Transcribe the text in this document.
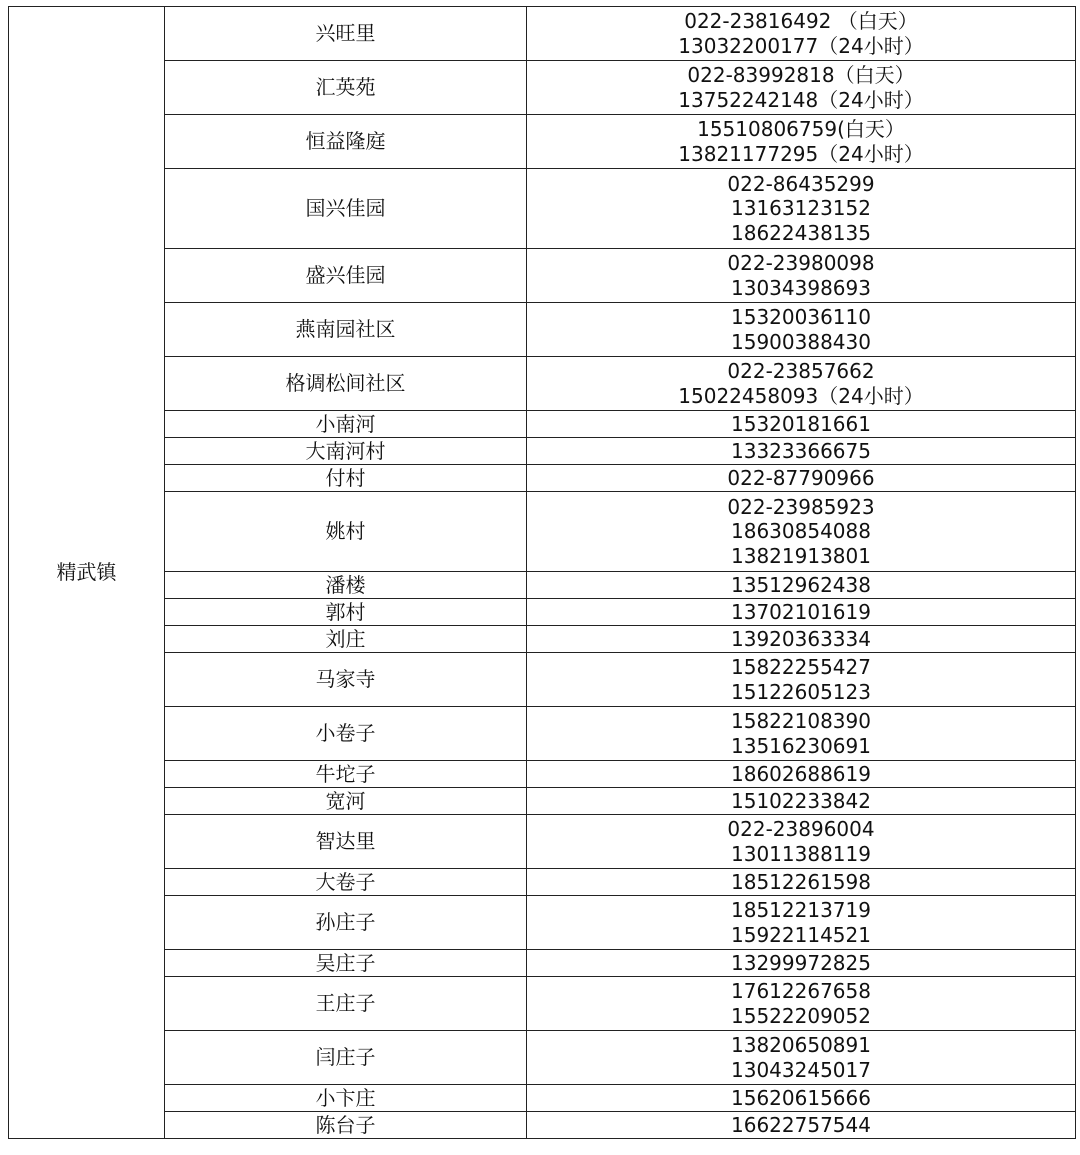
精武镇	兴旺里	022-23816492 （白天）
13032200177（24小时）

	汇英苑	022-83992818（白天）
13752242148（24小时）

	恒益隆庭	15510806759(白天）
13821177295（24小时）

	国兴佳园	022-86435299
13163123152
18622438135

	盛兴佳园	022-23980098
13034398693

	燕南园社区	15320036110
15900388430

	格调松间社区	022-23857662
15022458093（24小时）

	小南河	15320181661

	大南河村	13323366675

	付村	022-87790966

	姚村	022-23985923
18630854088
13821913801

	潘楼	13512962438

	郭村	13702101619

	刘庄	13920363334

	马家寺	15822255427
15122605123

	小卷子	15822108390
13516230691

	牛坨子	18602688619

	宽河	15102233842

	智达里	022-23896004
13011388119

	大卷子	18512261598

	孙庄子	18512213719
15922114521

	吴庄子	13299972825

	王庄子	17612267658
15522209052

	闫庄子	13820650891
13043245017

	小卞庄	15620615666

	陈台子	16622757544
